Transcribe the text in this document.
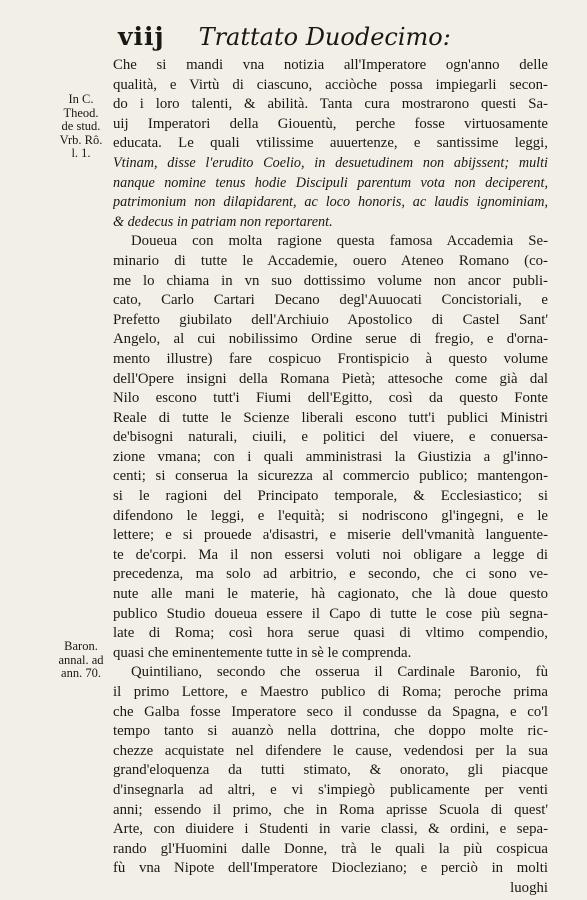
viij Trattato Duodecimo:
In C.
Theod.
de stud.
Vrb. Rô.
l. 1.
Baron.
annal. ad
ann. 70.
Che si mandi vna notizia all'Imperatore ogn'anno delle
qualità, e Virtù di ciascuno, acciòche possa impiegarli secon-
do i loro talenti, & abilità. Tanta cura mostrarono questi Sa-
uij Imperatori della Giouentù, perche fosse virtuosamente
educata. Le quali vtilissime auuertenze, e santissime leggi,
Vtinam, disse l'erudito Coelio, in desuetudinem non abijssent; multi
nanque nomine tenus hodie Discipuli parentum vota non deciperent,
patrimonium non dilapidarent, ac loco honoris, ac laudis ignominiam,
& dedecus in patriam non reportarent.
Doueua con molta ragione questa famosa Accademia Se-
minario di tutte le Accademie, ouero Ateneo Romano (co-
me lo chiama in vn suo dottissimo volume non ancor publi-
cato, Carlo Cartari Decano degl'Auuocati Concistoriali, e
Prefetto giubilato dell'Archiuio Apostolico di Castel Sant'
Angelo, al cui nobilissimo Ordine serue di fregio, e d'orna-
mento illustre) fare cospicuo Frontispicio à questo volume
dell'Opere insigni della Romana Pietà; attesoche come già dal
Nilo escono tutt'i Fiumi dell'Egitto, così da questo Fonte
Reale di tutte le Scienze liberali escono tutt'i publici Ministri
de'bisogni naturali, ciuili, e politici del viuere, e conuersa-
zione vmana; con i quali amministrasi la Giustizia a gl'inno-
centi; si conserua la sicurezza al commercio publico; mantengon-
si le ragioni del Principato temporale, & Ecclesiastico; si
difendono le leggi, e l'equità; si nodriscono gl'ingegni, e le
lettere; e si prouede a'disastri, e miserie dell'vmanità languente-
te de'corpi. Ma il non essersi voluti noi obligare a legge di
precedenza, ma solo ad arbitrio, e secondo, che ci sono ve-
nute alle mani le materie, hà cagionato, che là doue questo
publico Studio doueua essere il Capo di tutte le cose più segna-
late di Roma; così hora serue quasi di vltimo compendio,
quasi che eminentemente tutte in sè le comprenda.
Quintiliano, secondo che osserua il Cardinale Baronio, fù
il primo Lettore, e Maestro publico di Roma; peroche prima
che Galba fosse Imperatore seco il condusse da Spagna, e co'l
tempo tanto si auanzò nella dottrina, che doppo molte ric-
chezze acquistate nel difendere le cause, vedendosi per la sua
grand'eloquenza da tutti stimato, & onorato, gli piacque
d'insegnarla ad altri, e vi s'impiegò publicamente per venti
anni; essendo il primo, che in Roma aprisse Scuola di quest'
Arte, con diuidere i Studenti in varie classi, & ordini, e sepa-
rando gl'Huomini dalle Donne, trà le quali la più cospicua
fù vna Nipote dell'Imperatore Diocleziano; e perciò in molti
luoghi
